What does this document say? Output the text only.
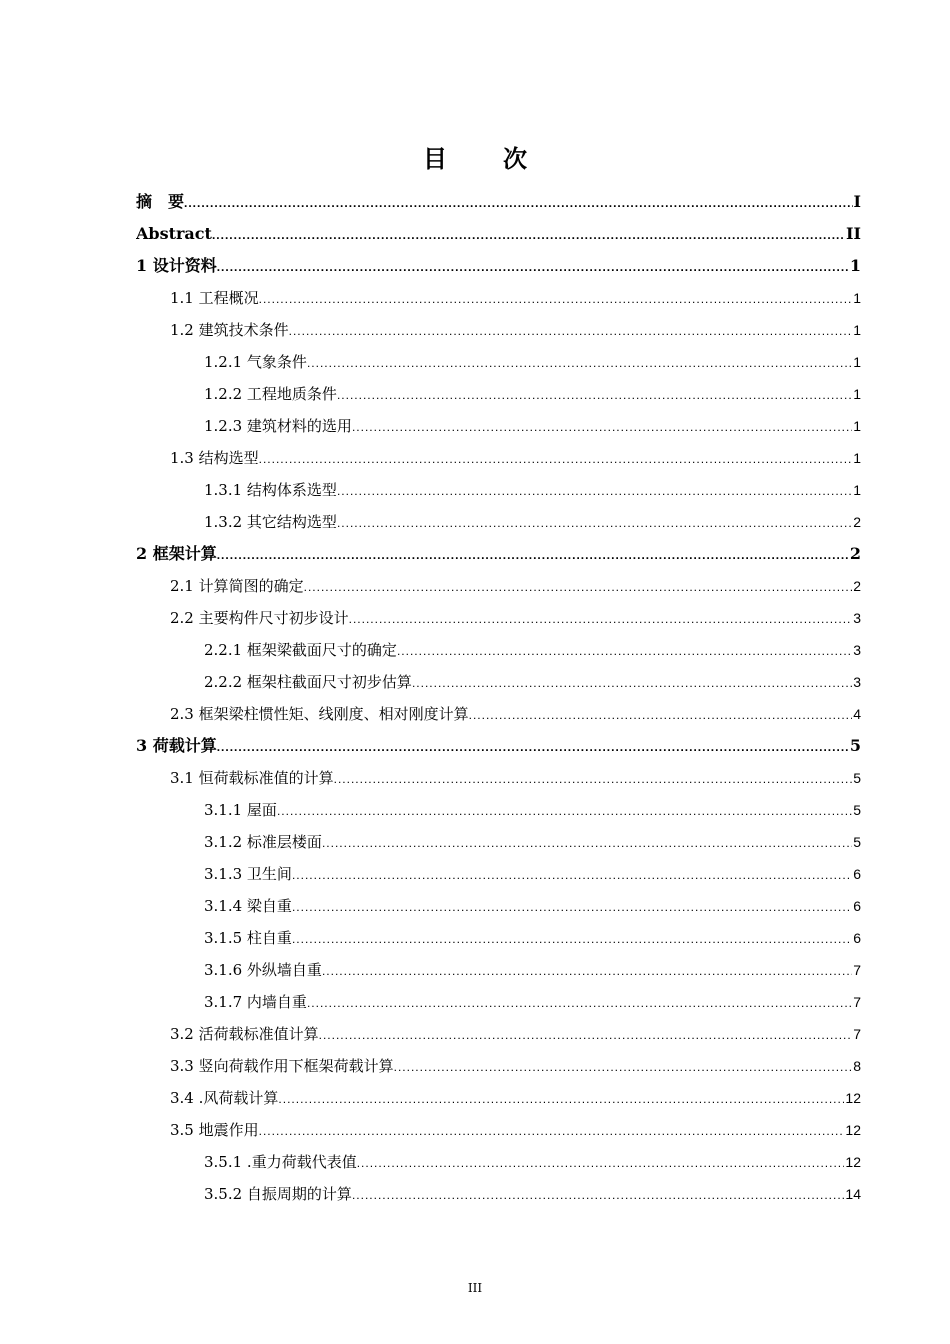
目　次
摘　要 .....	I
Abstract .....	II
1 设计资料 .....	1
1.1 工程概况 .....	1
1.2 建筑技术条件 .....	1
1.2.1 气象条件 .....	1
1.2.2 工程地质条件 .....	1
1.2.3 建筑材料的选用 .....	1
1.3 结构选型 .....	1
1.3.1 结构体系选型 .....	1
1.3.2 其它结构选型 .....	2
2 框架计算 .....	2
2.1 计算简图的确定 .....	2
2.2 主要构件尺寸初步设计 .....	3
2.2.1 框架梁截面尺寸的确定 .....	3
2.2.2 框架柱截面尺寸初步估算 .....	3
2.3 框架梁柱惯性矩、线刚度、相对刚度计算 .....	4
3 荷载计算 .....	5
3.1 恒荷载标准值的计算 .....	5
3.1.1 屋面 .....	5
3.1.2 标准层楼面 .....	5
3.1.3 卫生间 .....	6
3.1.4 梁自重 .....	6
3.1.5 柱自重 .....	6
3.1.6 外纵墙自重 .....	7
3.1.7 内墙自重 .....	7
3.2 活荷载标准值计算 .....	7
3.3 竖向荷载作用下框架荷载计算 .....	8
3.4 .风荷载计算 .....	12
3.5 地震作用 .....	12
3.5.1 .重力荷载代表值 .....	12
3.5.2 自振周期的计算 .....	14
III
